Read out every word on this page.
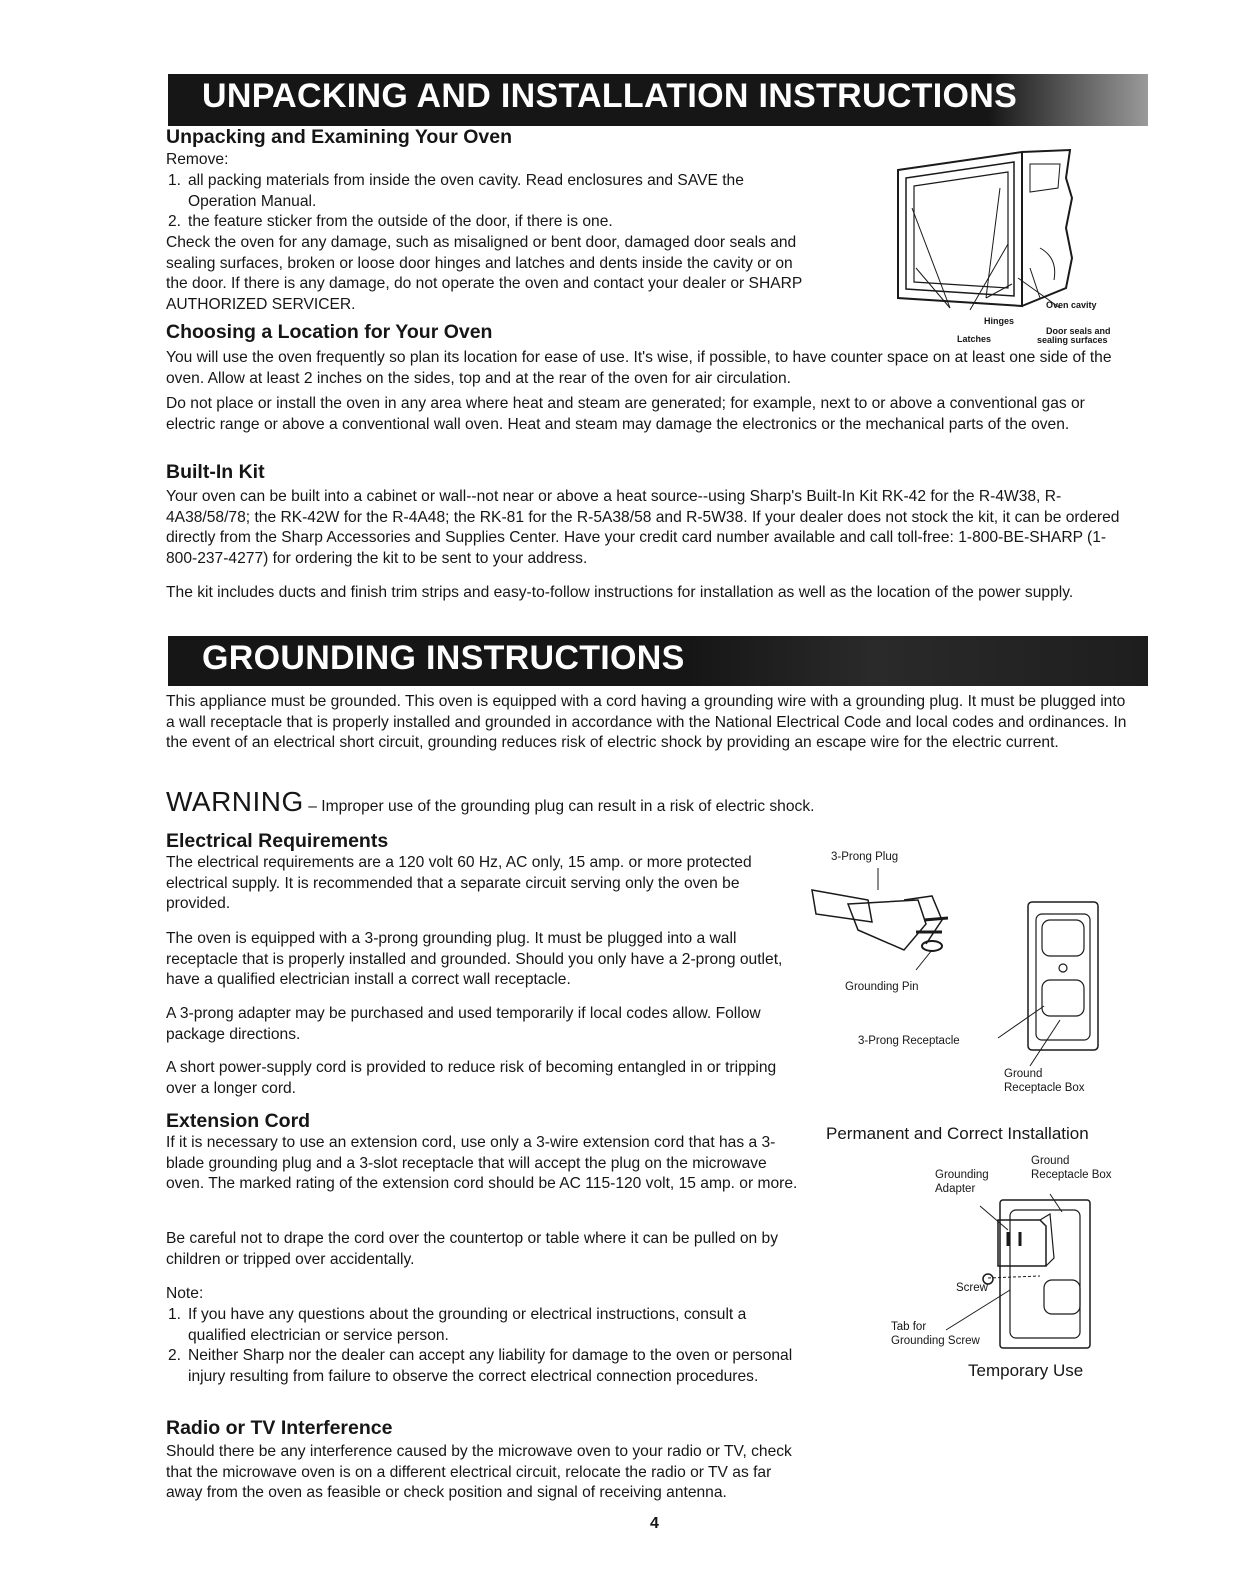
UNPACKING AND INSTALLATION INSTRUCTIONS
Unpacking and Examining Your Oven

Remove:

1. all packing materials from inside the oven cavity. Read enclosures and SAVE the Operation Manual.
2. the feature sticker from the outside of the door, if there is one.

Check the oven for any damage, such as misaligned or bent door, damaged door seals and sealing surfaces, broken or loose door hinges and latches and dents inside the cavity or on the door. If there is any damage, do not operate the oven and contact your dealer or SHARP AUTHORIZED SERVICER.	Oven cavity
Hinges
Latches
Door seals and
sealing surfaces
Choosing a Location for Your Oven

You will use the oven frequently so plan its location for ease of use. It's wise, if possible, to have counter space on at least one side of the oven. Allow at least 2 inches on the sides, top and at the rear of the oven for air circulation.

Do not place or install the oven in any area where heat and steam are generated; for example, next to or above a conventional gas or electric range or above a conventional wall oven. Heat and steam may damage the electronics or the mechanical parts of the oven.

Built-In Kit

Your oven can be built into a cabinet or wall--not near or above a heat source--using Sharp's Built-In Kit RK-42 for the R-4W38, R-4A38/58/78; the RK-42W for the R-4A48; the RK-81 for the R-5A38/58 and R-5W38. If your dealer does not stock the kit, it can be ordered directly from the Sharp Accessories and Supplies Center. Have your credit card number available and call toll-free: 1-800-BE-SHARP (1-800-237-4277) for ordering the kit to be sent to your address.

The kit includes ducts and finish trim strips and easy-to-follow instructions for installation as well as the location of the power supply.

GROUNDING INSTRUCTIONS

This appliance must be grounded. This oven is equipped with a cord having a grounding wire with a grounding plug. It must be plugged into a wall receptacle that is properly installed and grounded in accordance with the National Electrical Code and local codes and ordinances. In the event of an electrical short circuit, grounding reduces risk of electric shock by providing an escape wire for the electric current.

WARNING – Improper use of the grounding plug can result in a risk of electric shock.
Electrical Requirements

The electrical requirements are a 120 volt 60 Hz, AC only, 15 amp. or more protected electrical supply. It is recommended that a separate circuit serving only the oven be provided.

The oven is equipped with a 3-prong grounding plug. It must be plugged into a wall receptacle that is properly installed and grounded. Should you only have a 2-prong outlet, have a qualified electrician install a correct wall receptacle.

A 3-prong adapter may be purchased and used temporarily if local codes allow. Follow package directions.

A short power-supply cord is provided to reduce risk of becoming entangled in or tripping over a longer cord.

3-Prong Plug
Grounding Pin
3-Prong Receptacle
Ground
Receptacle Box
Permanent and Correct Installation
Extension Cord

If it is necessary to use an extension cord, use only a 3-wire extension cord that has a 3-blade grounding plug and a 3-slot receptacle that will accept the plug on the microwave oven. The marked rating of the extension cord should be AC 115-120 volt, 15 amp. or more.

Be careful not to drape the cord over the countertop or table where it can be pulled on by children or tripped over accidentally.

Note:

1. If you have any questions about the grounding or electrical instructions, consult a qualified electrician or service person.
2. Neither Sharp nor the dealer can accept any liability for damage to the oven or personal injury resulting from failure to observe the correct electrical connection procedures.
Radio or TV Interference

Should there be any interference caused by the microwave oven to your radio or TV, check that the microwave oven is on a different electrical circuit, relocate the radio or TV as far away from the oven as feasible or check position and signal of receiving antenna.

Ground
Receptacle Box
Grounding
Adapter
Screw
Tab for
Grounding Screw
Temporary Use
4
